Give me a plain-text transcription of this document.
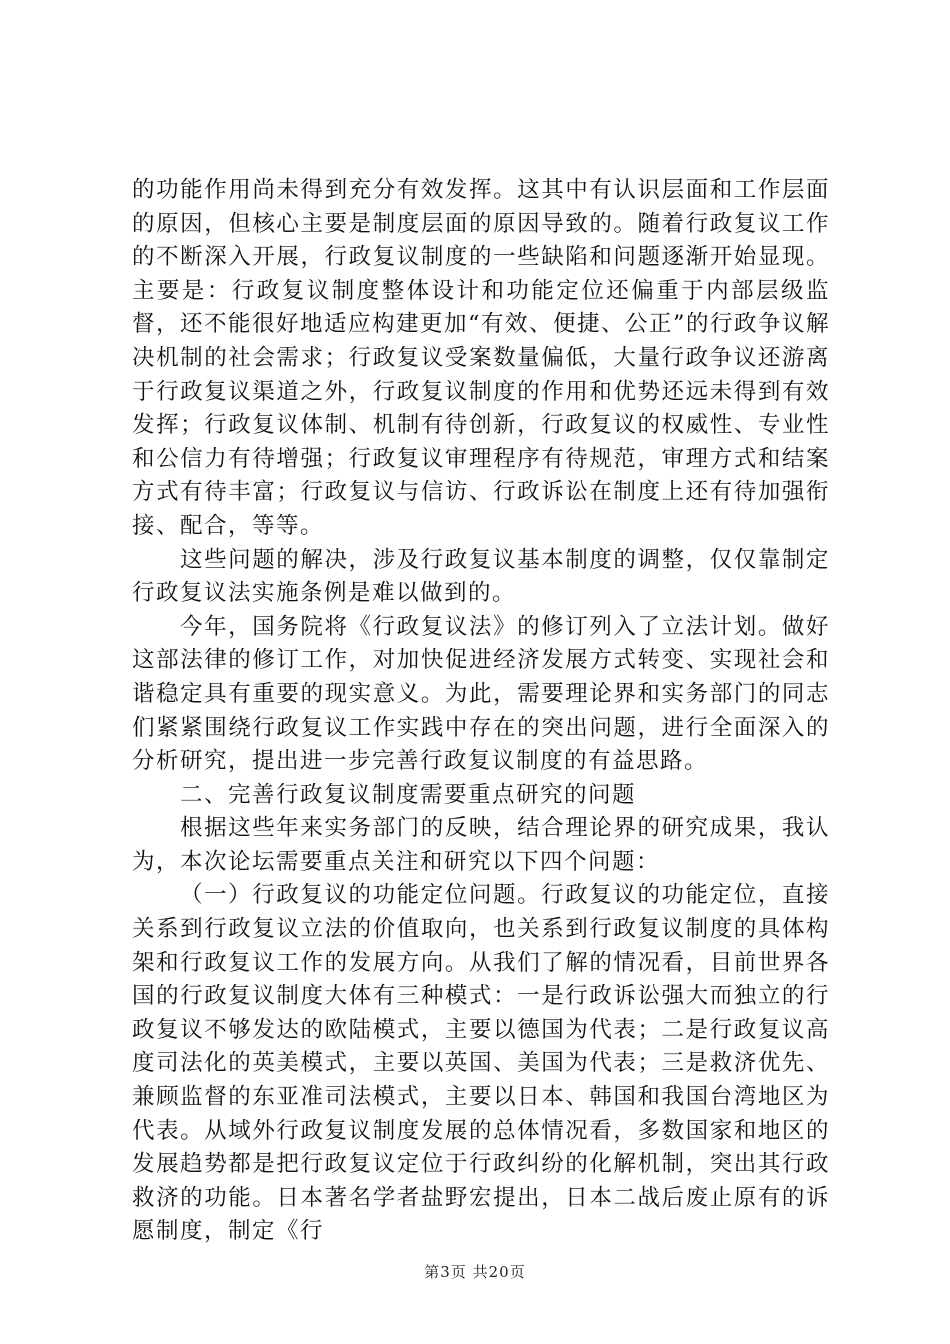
的功能作用尚未得到充分有效发挥。这其中有认识层面和工作层面的原因，但核心主要是制度层面的原因导致的。随着行政复议工作的不断深入开展，行政复议制度的一些缺陷和问题逐渐开始显现。主要是：行政复议制度整体设计和功能定位还偏重于内部层级监督，还不能很好地适应构建更加“有效、便捷、公正”的行政争议解决机制的社会需求；行政复议受案数量偏低，大量行政争议还游离于行政复议渠道之外，行政复议制度的作用和优势还远未得到有效发挥；行政复议体制、机制有待创新，行政复议的权威性、专业性和公信力有待增强；行政复议审理程序有待规范，审理方式和结案方式有待丰富；行政复议与信访、行政诉讼在制度上还有待加强衔接、配合，等等。

这些问题的解决，涉及行政复议基本制度的调整，仅仅靠制定行政复议法实施条例是难以做到的。

今年，国务院将《行政复议法》的修订列入了立法计划。做好这部法律的修订工作，对加快促进经济发展方式转变、实现社会和谐稳定具有重要的现实意义。为此，需要理论界和实务部门的同志们紧紧围绕行政复议工作实践中存在的突出问题，进行全面深入的分析研究，提出进一步完善行政复议制度的有益思路。

二、完善行政复议制度需要重点研究的问题

根据这些年来实务部门的反映，结合理论界的研究成果，我认为，本次论坛需要重点关注和研究以下四个问题：

（一）行政复议的功能定位问题。行政复议的功能定位，直接关系到行政复议立法的价值取向，也关系到行政复议制度的具体构架和行政复议工作的发展方向。从我们了解的情况看，目前世界各国的行政复议制度大体有三种模式：一是行政诉讼强大而独立的行政复议不够发达的欧陆模式，主要以德国为代表；二是行政复议高度司法化的英美模式，主要以英国、美国为代表；三是救济优先、兼顾监督的东亚准司法模式，主要以日本、韩国和我国台湾地区为代表。从域外行政复议制度发展的总体情况看，多数国家和地区的发展趋势都是把行政复议定位于行政纠纷的化解机制，突出其行政救济的功能。日本著名学者盐野宏提出，日本二战后废止原有的诉愿制度，制定《行

第3页 共20页
